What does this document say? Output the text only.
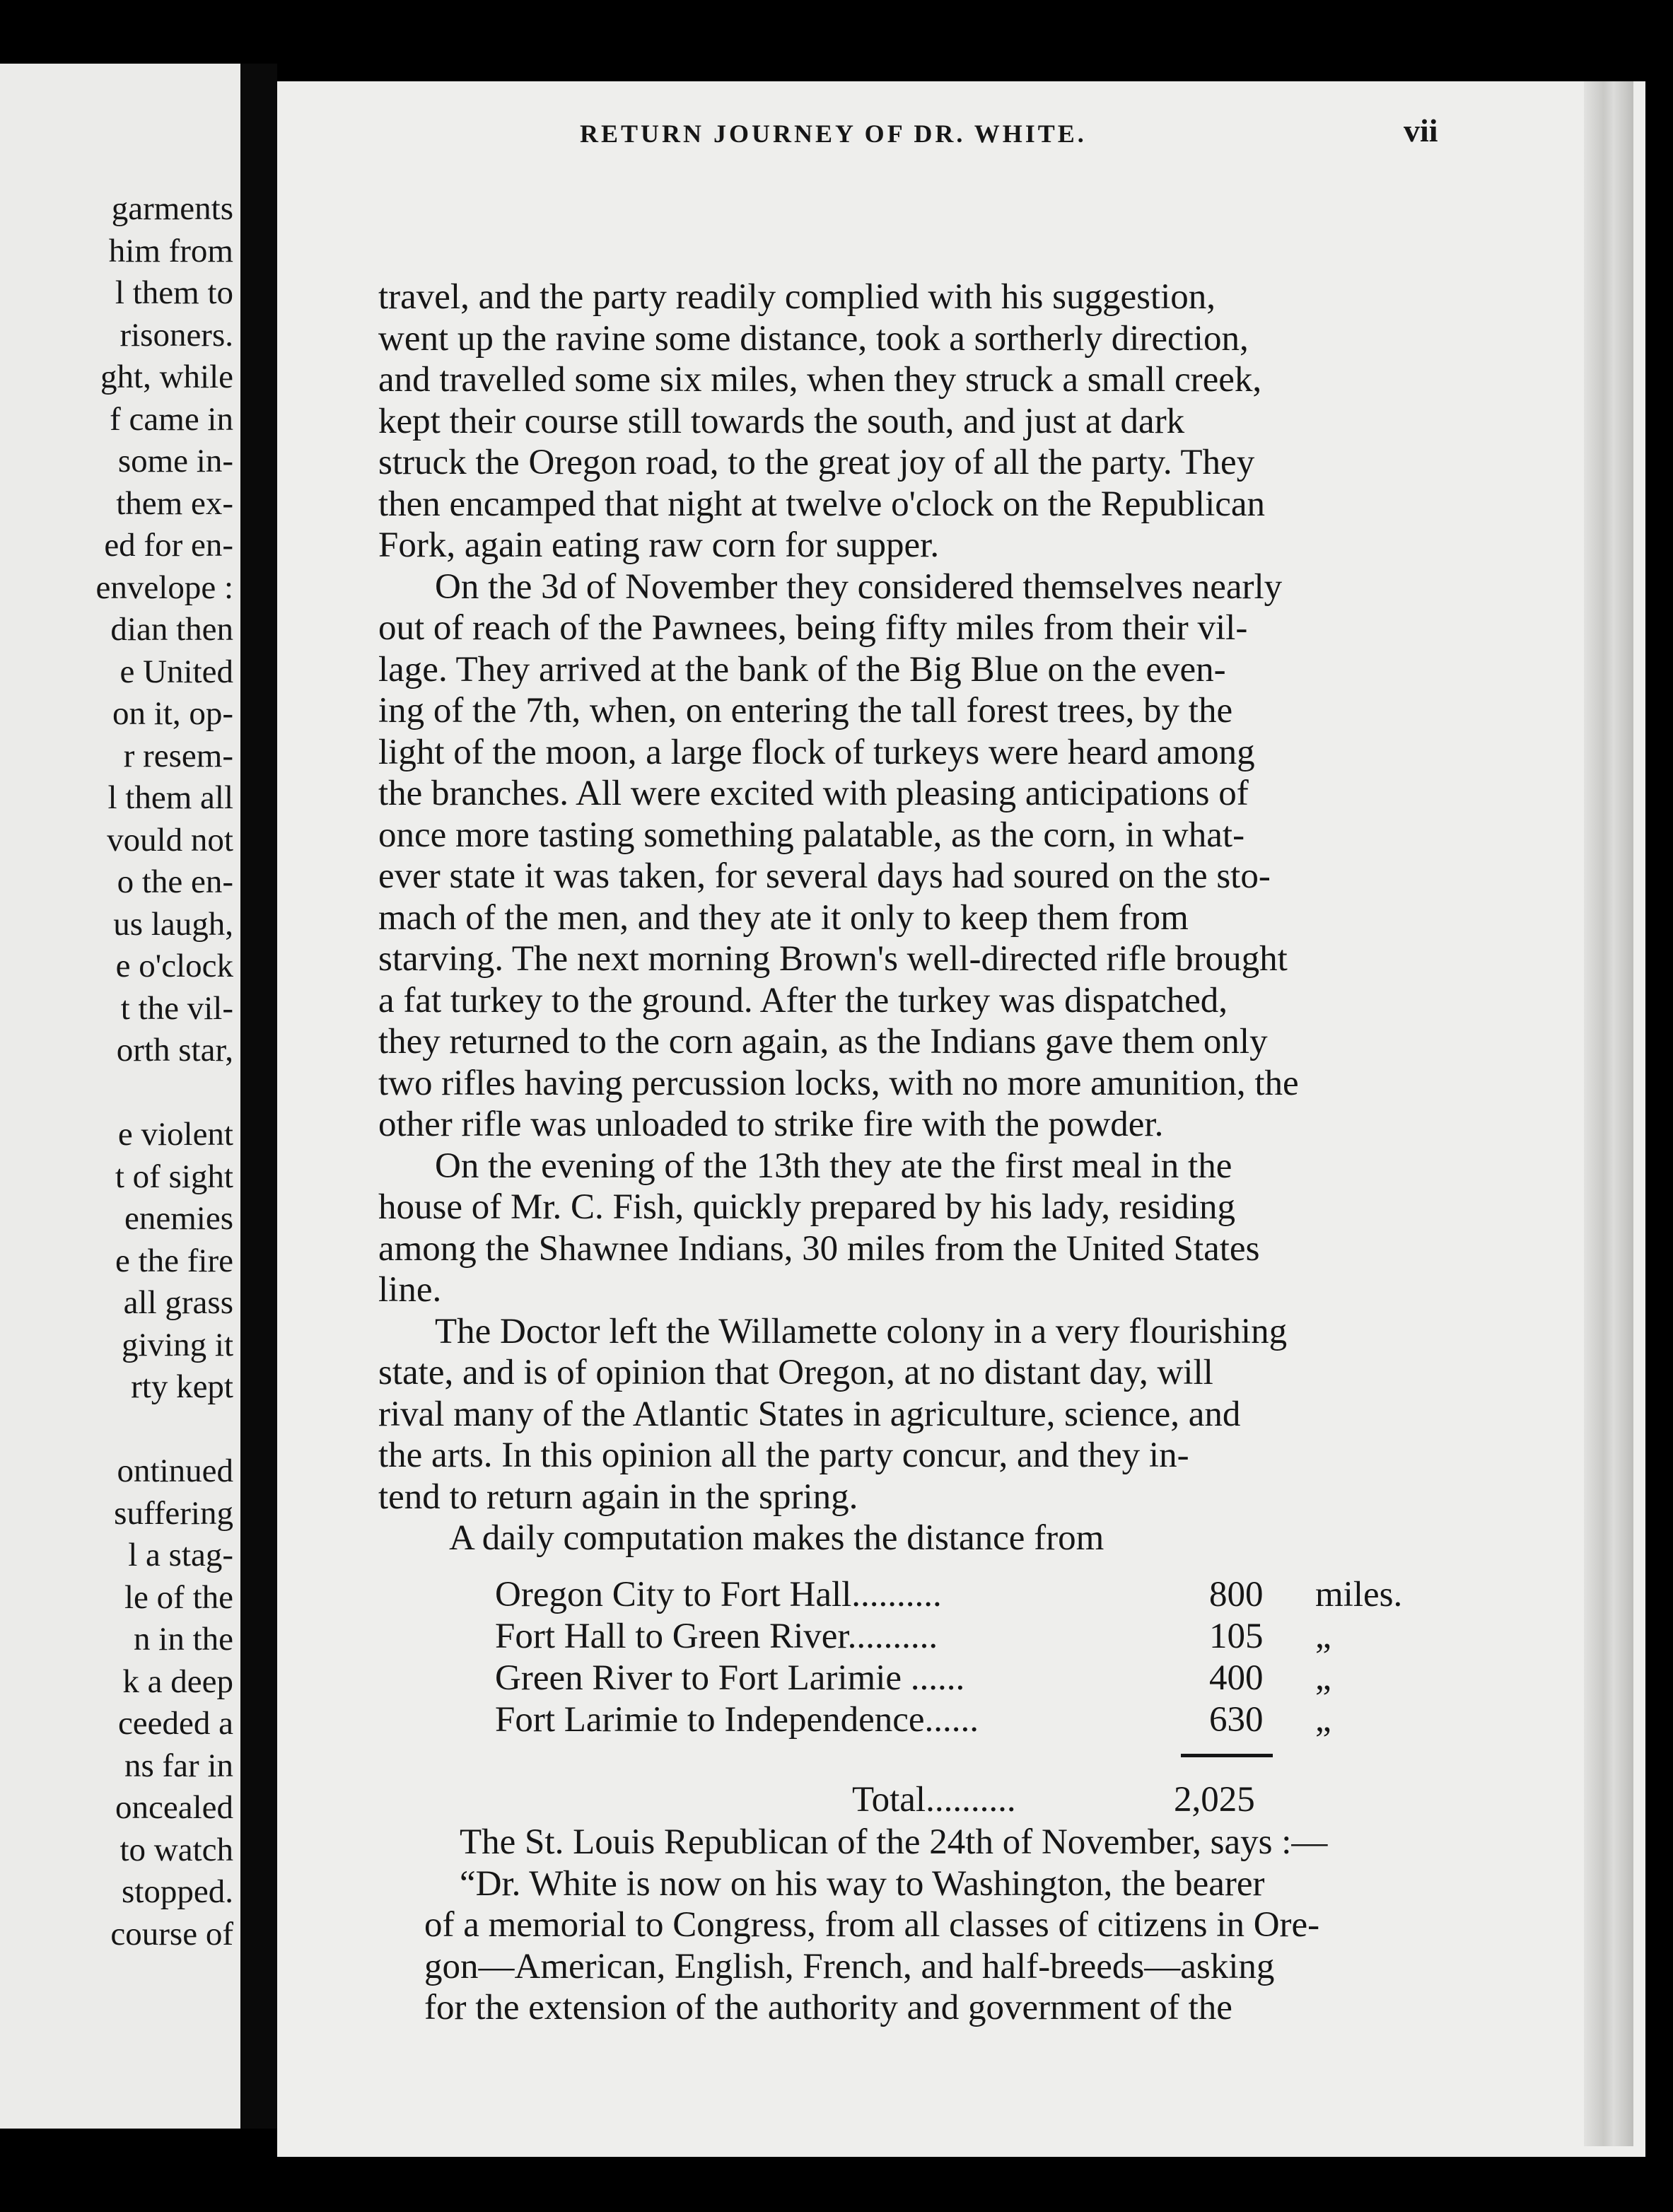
garments
him from
l them to
risoners.
ght, while
f came in
some in-
them ex-
ed for en-
envelope :
dian then
e United
on it, op-
r resem-
l them all
vould not
o the en-
us laugh,
e o'clock
t the vil-
orth star,
e violent
t of sight
enemies
e the fire
all grass
giving it
rty kept
ontinued
suffering
l a stag-
le of the
n in the
k a deep
ceeded a
ns far in
oncealed
to watch
stopped.
course of
RETURN JOURNEY OF DR. WHITE.	vii
travel, and the party readily complied with his suggestion,
went up the ravine some distance, took a sortherly direction,
and travelled some six miles, when they struck a small creek,
kept their course still towards the south, and just at dark
struck the Oregon road, to the great joy of all the party. They
then encamped that night at twelve o'clock on the Republican
Fork, again eating raw corn for supper.
On the 3d of November they considered themselves nearly
out of reach of the Pawnees, being fifty miles from their vil-
lage. They arrived at the bank of the Big Blue on the even-
ing of the 7th, when, on entering the tall forest trees, by the
light of the moon, a large flock of turkeys were heard among
the branches. All were excited with pleasing anticipations of
once more tasting something palatable, as the corn, in what-
ever state it was taken, for several days had soured on the sto-
mach of the men, and they ate it only to keep them from
starving. The next morning Brown's well-directed rifle brought
a fat turkey to the ground. After the turkey was dispatched,
they returned to the corn again, as the Indians gave them only
two rifles having percussion locks, with no more amunition, the
other rifle was unloaded to strike fire with the powder.
On the evening of the 13th they ate the first meal in the
house of Mr. C. Fish, quickly prepared by his lady, residing
among the Shawnee Indians, 30 miles from the United States
line.
The Doctor left the Willamette colony in a very flourishing
state, and is of opinion that Oregon, at no distant day, will
rival many of the Atlantic States in agriculture, science, and
the arts. In this opinion all the party concur, and they in-
tend to return again in the spring.
A daily computation makes the distance from
Oregon City to Fort Hall..........	800 miles.
Fort Hall to Green River..........	105 „
Green River to Fort Larimie ......	400 „
Fort Larimie to Independence......	630 „
Total..........	2,025
The St. Louis Republican of the 24th of November, says :—
“Dr. White is now on his way to Washington, the bearer
of a memorial to Congress, from all classes of citizens in Ore-
gon—American, English, French, and half-breeds—asking
for the extension of the authority and government of the
